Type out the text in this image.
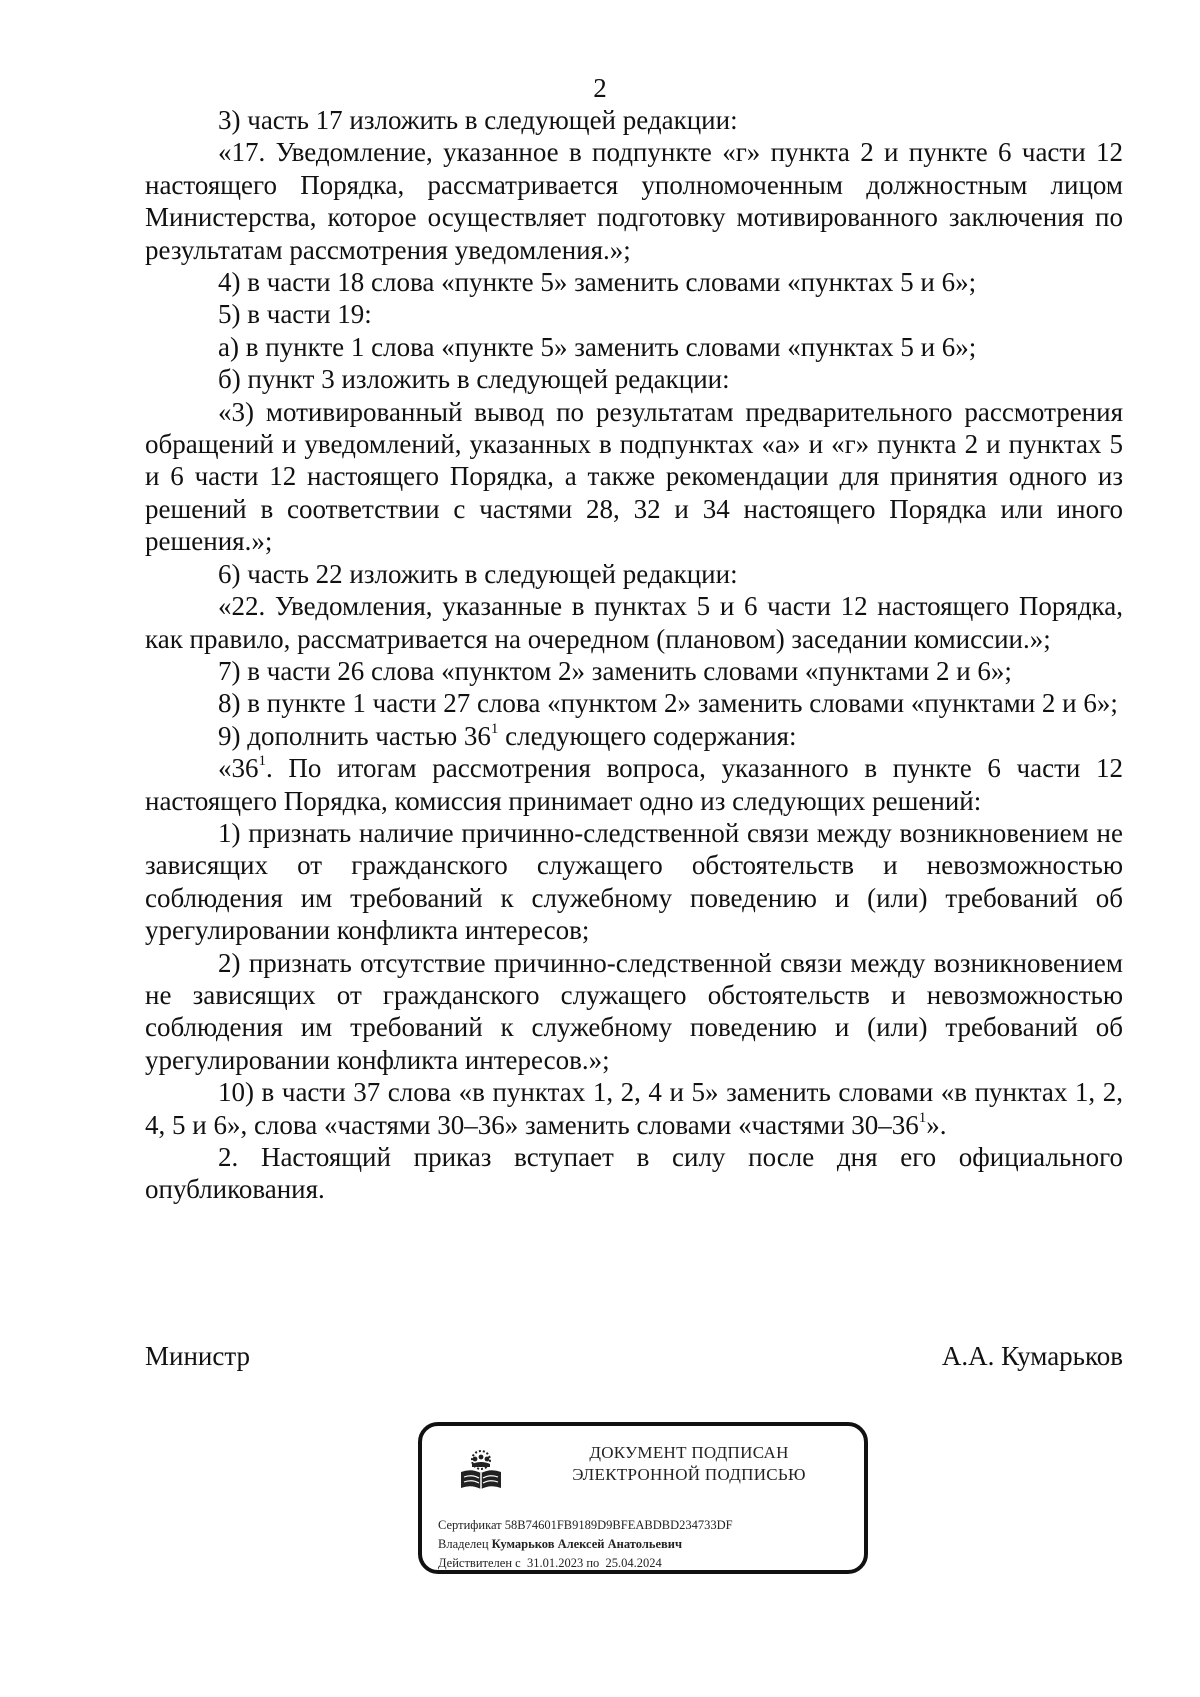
2

3) часть 17 изложить в следующей редакции:

«17. Уведомление, указанное в подпункте «г» пункта 2 и пункте 6 части 12 настоящего Порядка, рассматривается уполномоченным должностным лицом Министерства, которое осуществляет подготовку мотивированного заключения по результатам рассмотрения уведомления.»;

4) в части 18 слова «пункте 5» заменить словами «пунктах 5 и 6»;

5) в части 19:

а) в пункте 1 слова «пункте 5» заменить словами «пунктах 5 и 6»;

б) пункт 3 изложить в следующей редакции:

«3) мотивированный вывод по результатам предварительного рассмотрения обращений и уведомлений, указанных в подпунктах «а» и «г» пункта 2 и пунктах 5 и 6 части 12 настоящего Порядка, а также рекомендации для принятия одного из решений в соответствии с частями 28, 32 и 34 настоящего Порядка или иного решения.»;

6) часть 22 изложить в следующей редакции:

«22. Уведомления, указанные в пунктах 5 и 6 части 12 настоящего Порядка, как правило, рассматривается на очередном (плановом) заседании комиссии.»;

7) в части 26 слова «пунктом 2» заменить словами «пунктами 2 и 6»;

8) в пункте 1 части 27 слова «пунктом 2» заменить словами «пунктами 2 и 6»;

9) дополнить частью $36^1$ следующего содержания:

«$36^1$. По итогам рассмотрения вопроса, указанного в пункте 6 части 12 настоящего Порядка, комиссия принимает одно из следующих решений:

1) признать наличие причинно-следственной связи между возникновением не зависящих от гражданского служащего обстоятельств и невозможностью соблюдения им требований к служебному поведению и (или) требований об урегулировании конфликта интересов;

2) признать отсутствие причинно-следственной связи между возникновением не зависящих от гражданского служащего обстоятельств и невозможностью соблюдения им требований к служебному поведению и (или) требований об урегулировании конфликта интересов.»;

10) в части 37 слова «в пунктах 1, 2, 4 и 5» заменить словами «в пунктах 1, 2, 4, 5 и 6», слова «частями 30–36» заменить словами «частями $30-36^1$».

2. Настоящий приказ вступает в силу после дня его официального опубликования.

Министр	А.А. Кумарьков
ДОКУМЕНТ ПОДПИСАН
ЭЛЕКТРОННОЙ ПОДПИСЬЮ
Сертификат 58B74601FB9189D9BFEABDBD234733DF
Владелец Кумарьков Алексей Анатольевич
Действителен с 31.01.2023 по 25.04.2024
